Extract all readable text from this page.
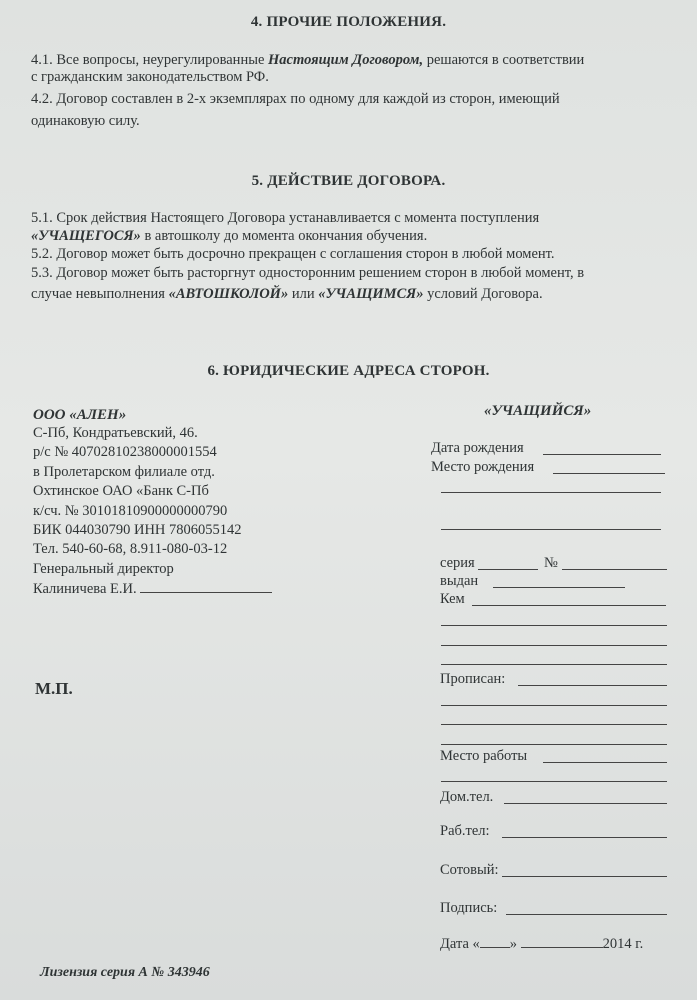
4. ПРОЧИЕ ПОЛОЖЕНИЯ.
4.1. Все вопросы, неурегулированные Настоящим Договором, решаются в соответствии
с гражданским законодательством РФ.
4.2. Договор составлен в 2-х экземплярах по одному для каждой из сторон, имеющий
одинаковую силу.
5. ДЕЙСТВИЕ ДОГОВОРА.
5.1. Срок действия Настоящего Договора устанавливается с момента поступления
«УЧАЩЕГОСЯ» в автошколу до момента окончания обучения.
5.2. Договор может быть досрочно прекращен с соглашения сторон в любой момент.
5.3. Договор может быть расторгнут односторонним решением сторон в любой момент, в
случае невыполнения «АВТОШКОЛОЙ» или «УЧАЩИМСЯ» условий Договора.
6. ЮРИДИЧЕСКИЕ АДРЕСА СТОРОН.
ООО «АЛЕН»
С-Пб, Кондратьевский, 46.
р/с № 40702810238000001554
в Пролетарском филиале отд.
Охтинское ОАО «Банк С-Пб
к/сч. № 30101810900000000790
БИК 044030790 ИНН 7806055142
Тел. 540-60-68, 8.911-080-03-12
Генеральный директор
Калиничева Е.И.
М.П.
«УЧАЩИЙСЯ»
Дата рождения
Место рождения
серия	№
выдан
Кем
Прописан:
Место работы
Дом.тел.
Раб.тел:
Сотовый:
Подпись:
Дата « »	2014 г.
Лизензия серия А № 343946
